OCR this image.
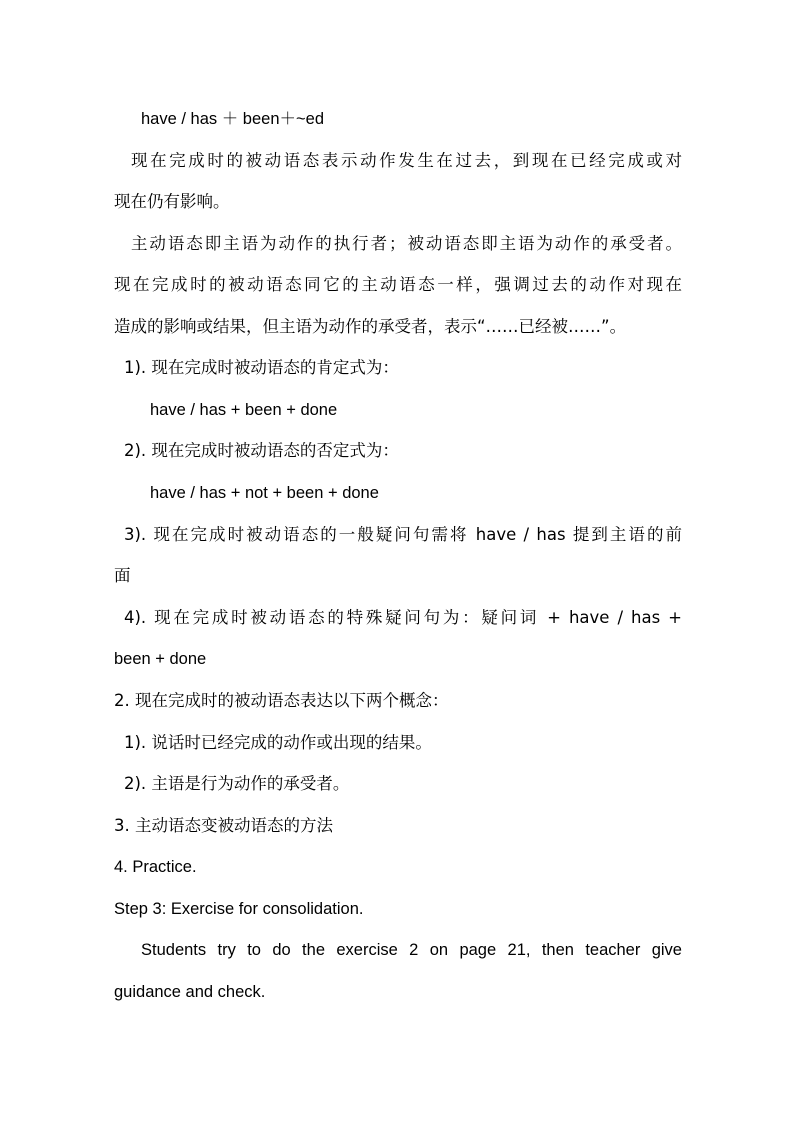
have / has ＋ been＋~ed
现在完成时的被动语态表示动作发生在过去，到现在已经完成或对
现在仍有影响。
主动语态即主语为动作的执行者；被动语态即主语为动作的承受者。
现在完成时的被动语态同它的主动语态一样，强调过去的动作对现在
造成的影响或结果，但主语为动作的承受者，表示“……已经被……”。
1). 现在完成时被动语态的肯定式为：
have / has + been + done
2). 现在完成时被动语态的否定式为：
have / has + not + been + done
3). 现在完成时被动语态的一般疑问句需将 have / has 提到主语的前
面
4). 现在完成时被动语态的特殊疑问句为：疑问词 + have / has +
been + done
2. 现在完成时的被动语态表达以下两个概念：
1). 说话时已经完成的动作或出现的结果。
2). 主语是行为动作的承受者。
3. 主动语态变被动语态的方法
4. Practice.
Step 3: Exercise for consolidation.
Students try to do the exercise 2 on page 21, then teacher give
guidance and check.
